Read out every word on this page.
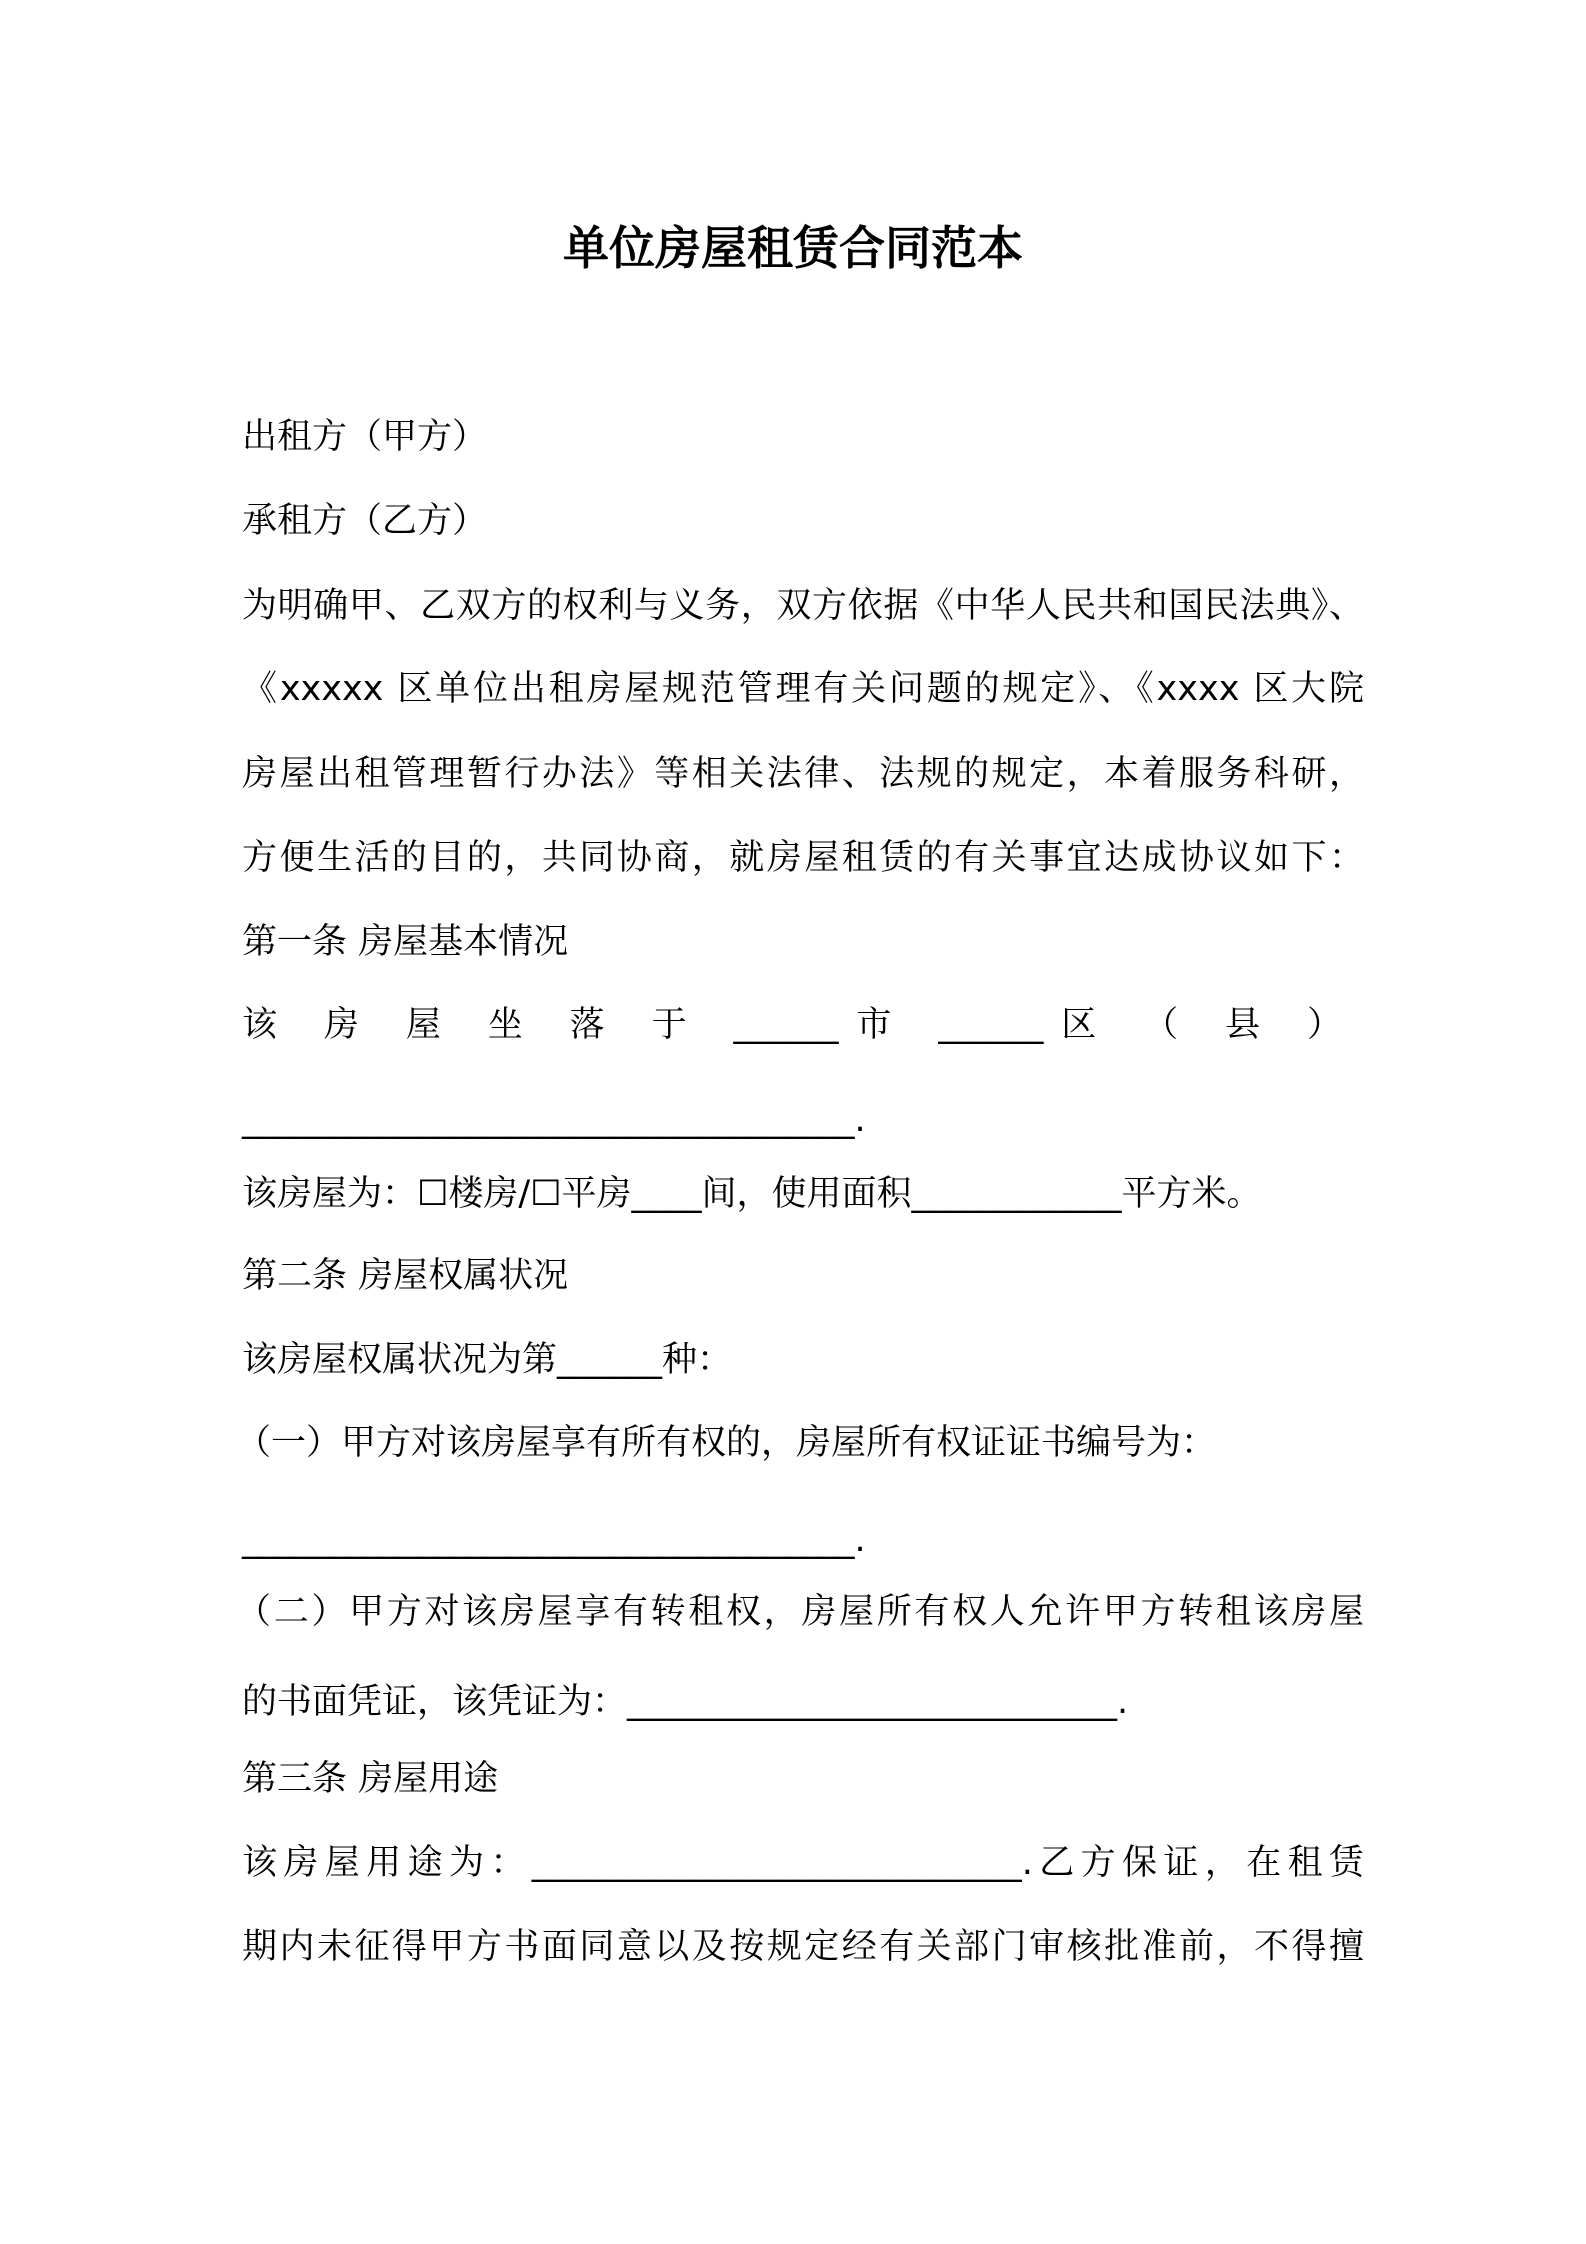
单位房屋租赁合同范本
出租方（甲方）
承租方（乙方）
为明确甲、乙双方的权利与义务，双方依据《中华人民共和国民法典》、
《xxxxx 区单位出租房屋规范管理有关问题的规定》、《xxxx 区大院
房屋出租管理暂行办法》等相关法律、法规的规定，本着服务科研，
方便生活的目的，共同协商，就房屋租赁的有关事宜达成协议如下：
第一条 房屋基本情况
该 房 屋 坐 落 于 ______市 ______区 （ 县 ）
___________________________________.
该房屋为：☐楼房/☐平房____间，使用面积____________平方米。
第二条 房屋权属状况
该房屋权属状况为第______种：
（一）甲方对该房屋享有所有权的，房屋所有权证证书编号为：
___________________________________.
（二）甲方对该房屋享有转租权，房屋所有权人允许甲方转租该房屋
的书面凭证，该凭证为：____________________________.
第三条 房屋用途
该房屋用途为：____________________________.乙方保证，在租赁
期内未征得甲方书面同意以及按规定经有关部门审核批准前，不得擅
